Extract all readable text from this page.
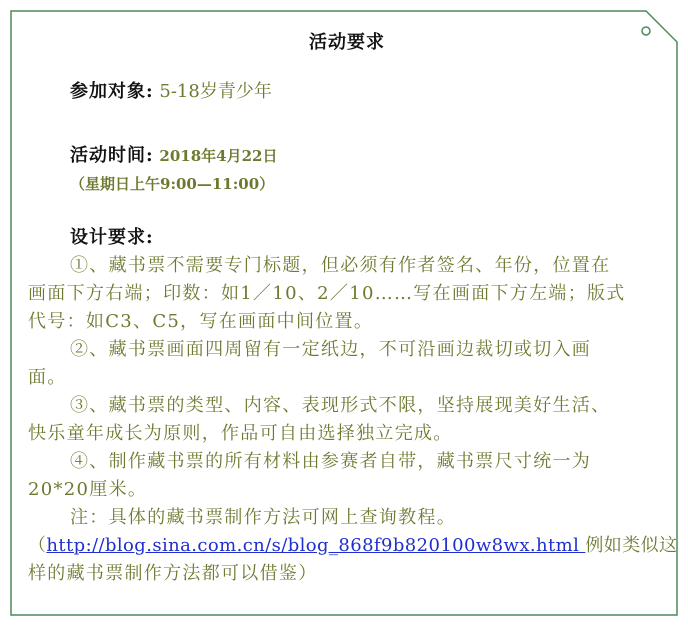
活动要求
参加对象: 5-18岁青少年
活动时间: 2018年4月22日
（星期日上午9:00—11:00）
设计要求:
①、藏书票不需要专门标题，但必须有作者签名、年份，位置在
画面下方右端；印数：如1／10、2／10……写在画面下方左端；版式
代号：如C3、C5，写在画面中间位置。
②、藏书票画面四周留有一定纸边，不可沿画边裁切或切入画
面。
③、藏书票的类型、内容、表现形式不限，坚持展现美好生活、
快乐童年成长为原则，作品可自由选择独立完成。
④、制作藏书票的所有材料由参赛者自带，藏书票尺寸统一为
20*20厘米。
注：具体的藏书票制作方法可网上查询教程。
（http://blog.sina.com.cn/s/blog_868f9b820100w8wx.html 例如类似这
样的藏书票制作方法都可以借鉴）
